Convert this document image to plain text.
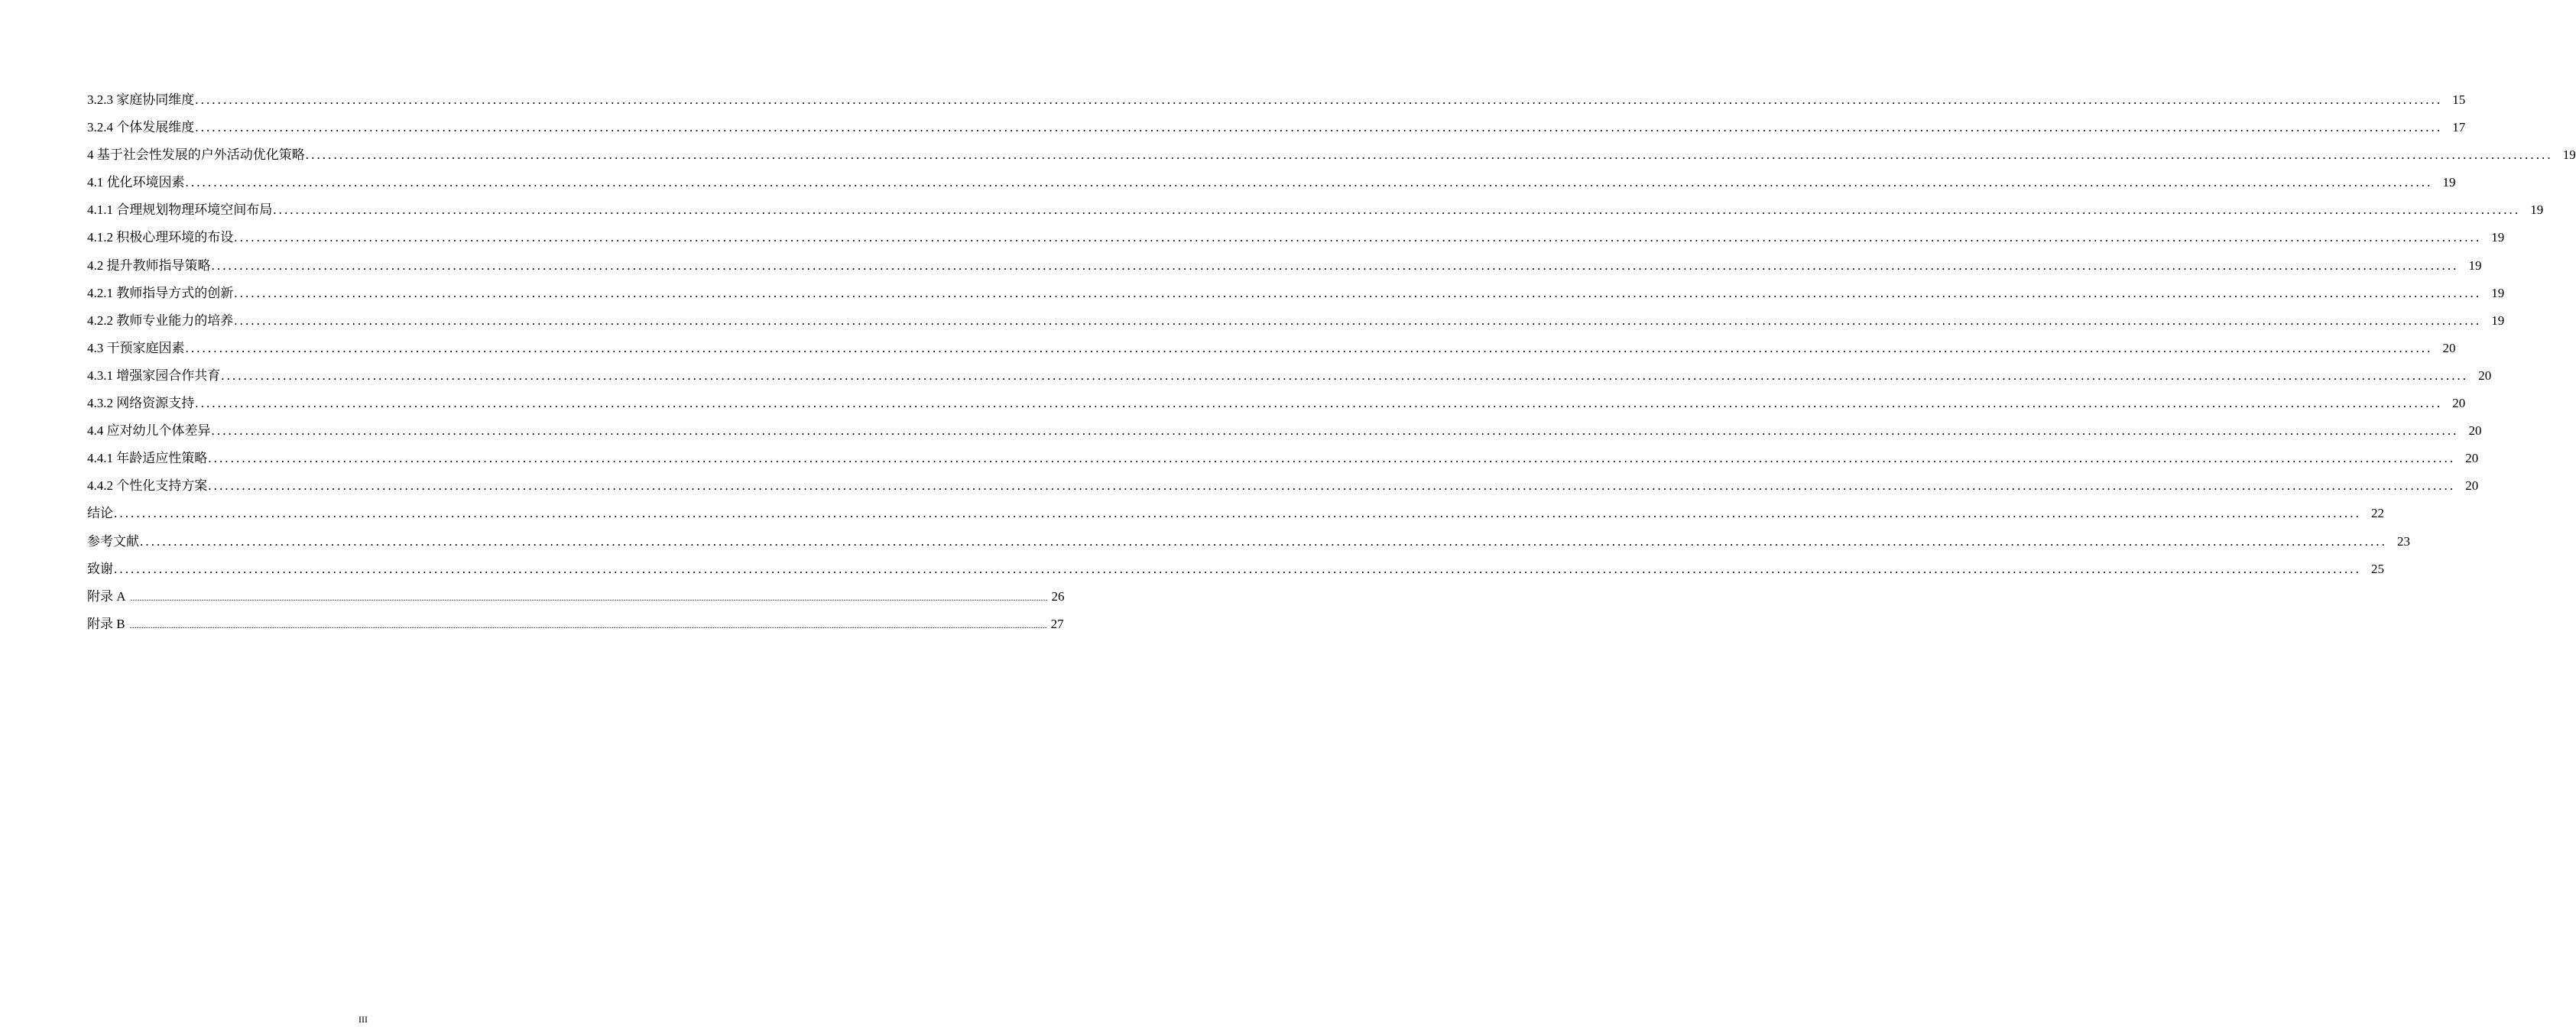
3.2.3 家庭协同维度 ................................................................................................................................................................................................................................................................................................................................................................................................................ 15
3.2.4 个体发展维度 ................................................................................................................................................................................................................................................................................................................................................................................................................ 17
4 基于社会性发展的户外活动优化策略 ................................................................................................................................................................................................................................................................................................................................................................................................................ 19
4.1 优化环境因素 ................................................................................................................................................................................................................................................................................................................................................................................................................ 19
4.1.1 合理规划物理环境空间布局 ................................................................................................................................................................................................................................................................................................................................................................................................................ 19
4.1.2 积极心理环境的布设 ................................................................................................................................................................................................................................................................................................................................................................................................................ 19
4.2 提升教师指导策略 ................................................................................................................................................................................................................................................................................................................................................................................................................ 19
4.2.1 教师指导方式的创新 ................................................................................................................................................................................................................................................................................................................................................................................................................ 19
4.2.2 教师专业能力的培养 ................................................................................................................................................................................................................................................................................................................................................................................................................ 19
4.3 干预家庭因素 ................................................................................................................................................................................................................................................................................................................................................................................................................ 20
4.3.1 增强家园合作共育 ................................................................................................................................................................................................................................................................................................................................................................................................................ 20
4.3.2 网络资源支持 ................................................................................................................................................................................................................................................................................................................................................................................................................ 20
4.4 应对幼儿个体差异 ................................................................................................................................................................................................................................................................................................................................................................................................................ 20
4.4.1 年龄适应性策略 ................................................................................................................................................................................................................................................................................................................................................................................................................ 20
4.4.2 个性化支持方案 ................................................................................................................................................................................................................................................................................................................................................................................................................ 20
结论 ................................................................................................................................................................................................................................................................................................................................................................................................................ 22
参考文献 ................................................................................................................................................................................................................................................................................................................................................................................................................ 23
致谢 ................................................................................................................................................................................................................................................................................................................................................................................................................ 25
附录 A ................................................................................................................................................................................................................................................................................................................................................................................................................ 26
附录 B ................................................................................................................................................................................................................................................................................................................................................................................................................ 27
III
